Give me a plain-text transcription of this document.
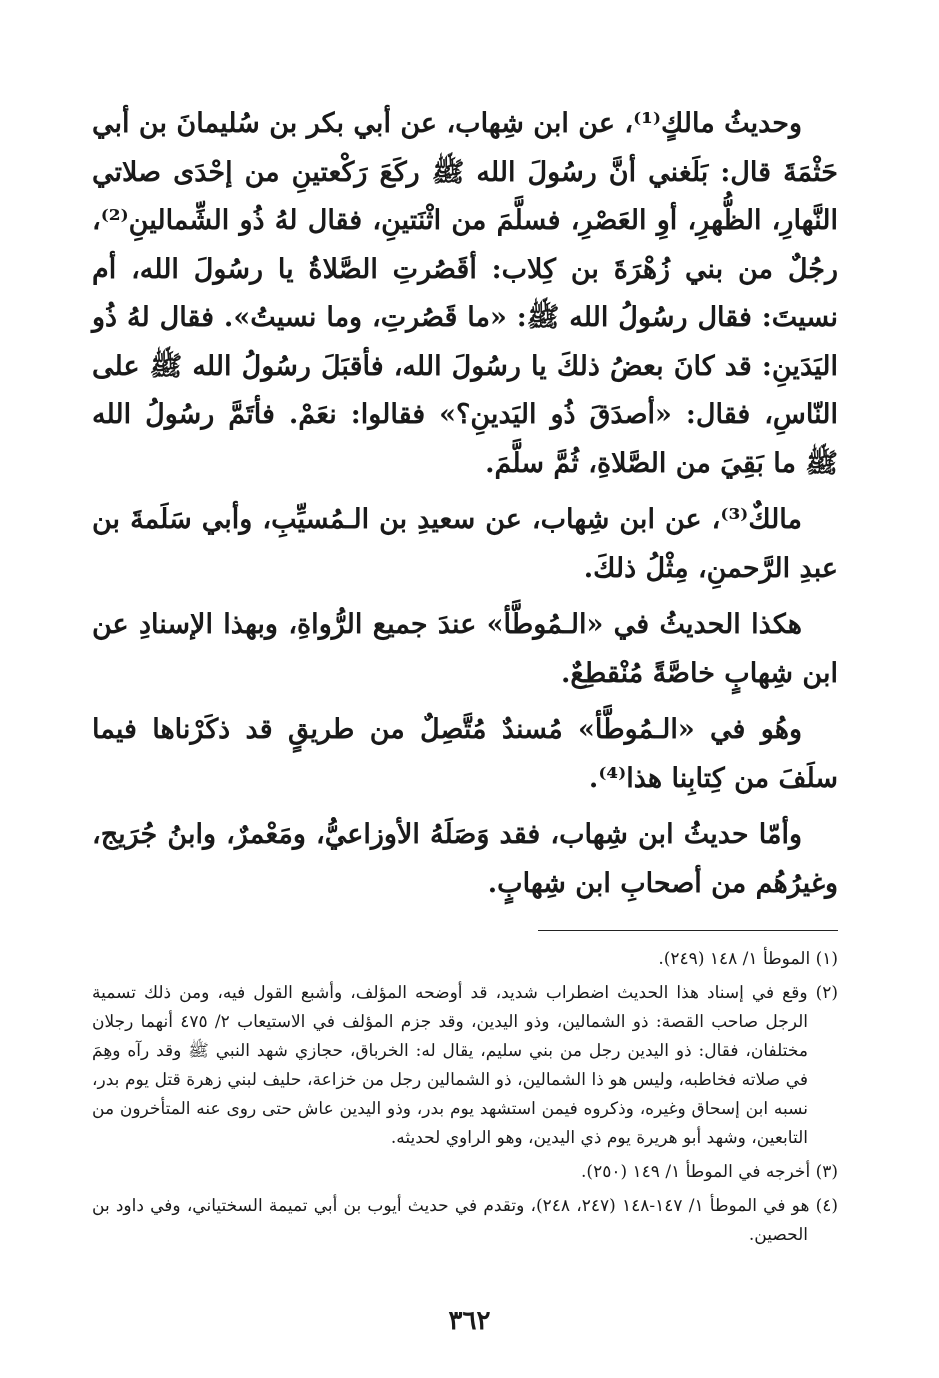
وحديثُ مالكٍ⁽¹⁾، عن ابن شِهاب، عن أبي بكر بن سُليمانَ بن أبي حَثْمَةَ قال: بَلَغني أنَّ رسُولَ الله ﷺ ركَعَ رَكْعتينِ من إحْدَى صلاتي النَّهارِ، الظُّهرِ، أوِ العَصْرِ، فسلَّمَ من اثْنَتينِ، فقال لهُ ذُو الشِّمالينِ⁽²⁾، رجُلٌ من بني زُهْرَةَ بن كِلاب: أقَصُرتِ الصَّلاةُ يا رسُولَ الله، أم نسيتَ: فقال رسُولُ الله ﷺ: «ما قَصُرتِ، وما نسيتُ». فقال لهُ ذُو اليَدَينِ: قد كانَ بعضُ ذلكَ يا رسُولَ الله، فأقبَلَ رسُولُ الله ﷺ على النّاسِ، فقال: «أصدَقَ ذُو اليَدينِ؟» فقالوا: نعَمْ. فأتَمَّ رسُولُ الله ﷺ ما بَقِيَ من الصَّلاةِ، ثُمَّ سلَّمَ.

مالكٌ⁽³⁾، عن ابن شِهاب، عن سعيدِ بن الـمُسيِّبِ، وأبي سَلَمةَ بن عبدِ الرَّحمنِ، مِثْلُ ذلكَ.

هكذا الحديثُ في «الـمُوطَّأ» عندَ جميع الرُّواةِ، وبهذا الإسنادِ عن ابن شِهابٍ خاصَّةً مُنْقطِعٌ.

وهُو في «الـمُوطَّأ» مُسندٌ مُتَّصِلٌ من طريقٍ قد ذكَرْناها فيما سلَفَ من كِتابِنا هذا⁽⁴⁾.

وأمّا حديثُ ابن شِهاب، فقد وَصَلَهُ الأوزاعيُّ، ومَعْمرٌ، وابنُ جُرَيج، وغيرُهُم من أصحابِ ابن شِهابٍ.

(١) الموطأ ١/ ١٤٨ (٢٤٩).

(٢) وقع في إسناد هذا الحديث اضطراب شديد، قد أوضحه المؤلف، وأشبع القول فيه، ومن ذلك تسمية الرجل صاحب القصة: ذو الشمالين، وذو اليدين، وقد جزم المؤلف في الاستيعاب ٢/ ٤٧٥ أنهما رجلان مختلفان، فقال: ذو اليدين رجل من بني سليم، يقال له: الخرباق، حجازي شهد النبي ﷺ وقد رآه وهِمَ في صلاته فخاطبه، وليس هو ذا الشمالين، ذو الشمالين رجل من خزاعة، حليف لبني زهرة قتل يوم بدر، نسبه ابن إسحاق وغيره، وذكروه فيمن استشهد يوم بدر، وذو اليدين عاش حتى روى عنه المتأخرون من التابعين، وشهد أبو هريرة يوم ذي اليدين، وهو الراوي لحديثه.

(٣) أخرجه في الموطأ ١/ ١٤٩ (٢٥٠).

(٤) هو في الموطأ ١/ ١٤٧-١٤٨ (٢٤٧، ٢٤٨)، وتقدم في حديث أيوب بن أبي تميمة السختياني، وفي داود بن الحصين.

٣٦٢
